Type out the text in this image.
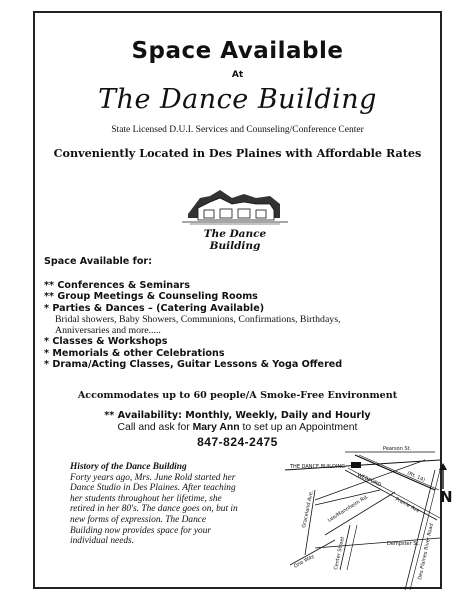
Space Available
At
The Dance Building
State Licensed D.U.I. Services and Counseling/Conference Center
Conveniently Located in Des Plaines with Affordable Rates
The Dance Building
Space Available for:
** Conferences & Seminars
** Group Meetings & Counseling Rooms
* Parties & Dances – (Catering Available)
Bridal showers, Baby Showers, Communions, Confirmations, Birthdays,
Anniversaries and more.....
* Classes & Workshops
* Memorials & other Celebrations
* Drama/Acting Classes, Guitar Lessons & Yoga Offered
Accommodates up to 60 people/A Smoke-Free Environment
** Availability: Monthly, Weekly, Daily and Hourly
Call and ask for Mary Ann to set up an Appointment
847-824-2475
History of the Dance Building
Forty years ago, Mrs. June Rold started her Dance Studio in Des Plaines. After teaching her students throughout her lifetime, she retired in her 80's. The dance goes on, but in new forms of expression. The Dance Building now provides space for your individual needs.
THE DANCE BUILDING
Pearson St.
WEBFORD	(Rt. 14)
Lee/Mannheim Rd.	Prairie Ave
Graceland Ave.
Dempster St.
Center Street
One Way	Des Plaines River Road
N
